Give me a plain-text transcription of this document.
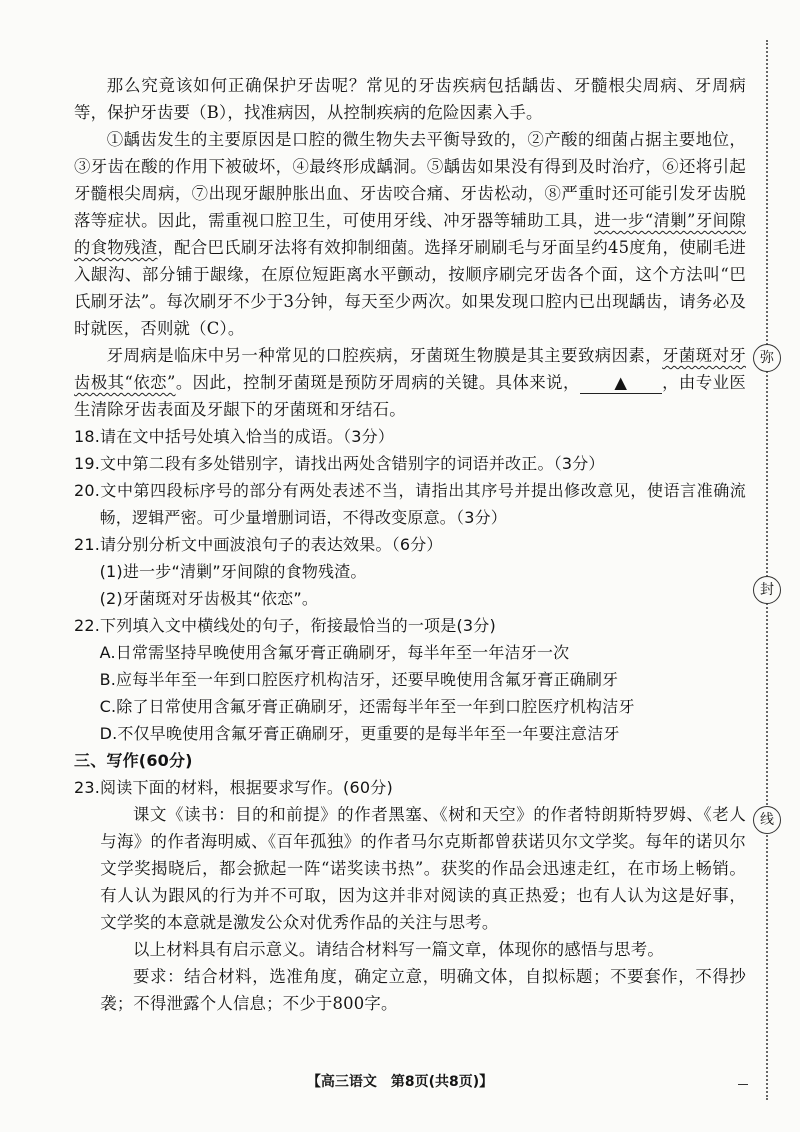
那么究竟该如何正确保护牙齿呢？常见的牙齿疾病包括龋齿、牙髓根尖周病、牙周病等，保护牙齿要（B），找准病因，从控制疾病的危险因素入手。

①龋齿发生的主要原因是口腔的微生物失去平衡导致的，②产酸的细菌占据主要地位，③牙齿在酸的作用下被破坏，④最终形成龋洞。⑤龋齿如果没有得到及时治疗，⑥还将引起牙髓根尖周病，⑦出现牙龈肿胀出血、牙齿咬合痛、牙齿松动，⑧严重时还可能引发牙齿脱落等症状。因此，需重视口腔卫生，可使用牙线、冲牙器等辅助工具，进一步“清剿”牙间隙的食物残渣，配合巴氏刷牙法将有效抑制细菌。选择牙刷刷毛与牙面呈约45度角，使刷毛进入龈沟、部分铺于龈缘，在原位短距离水平颤动，按顺序刷完牙齿各个面，这个方法叫“巴氏刷牙法”。每次刷牙不少于3分钟，每天至少两次。如果发现口腔内已出现龋齿，请务必及时就医，否则就（C）。

牙周病是临床中另一种常见的口腔疾病，牙菌斑生物膜是其主要致病因素，牙菌斑对牙齿极其“依恋”。因此，控制牙菌斑是预防牙周病的关键。具体来说， ▲ ，由专业医生清除牙齿表面及牙龈下的牙菌斑和牙结石。

18.请在文中括号处填入恰当的成语。（3分）

19.文中第二段有多处错别字，请找出两处含错别字的词语并改正。（3分）

20.文中第四段标序号的部分有两处表述不当，请指出其序号并提出修改意见，使语言准确流畅，逻辑严密。可少量增删词语，不得改变原意。（3分）

21.请分别分析文中画波浪句子的表达效果。（6分）

(1)进一步“清剿”牙间隙的食物残渣。

(2)牙菌斑对牙齿极其“依恋”。

22.下列填入文中横线处的句子，衔接最恰当的一项是(3分)

A.日常需坚持早晚使用含氟牙膏正确刷牙，每半年至一年洁牙一次

B.应每半年至一年到口腔医疗机构洁牙，还要早晚使用含氟牙膏正确刷牙

C.除了日常使用含氟牙膏正确刷牙，还需每半年至一年到口腔医疗机构洁牙

D.不仅早晚使用含氟牙膏正确刷牙，更重要的是每半年至一年要注意洁牙

三、写作(60分)

23.阅读下面的材料，根据要求写作。(60分)

课文《读书：目的和前提》的作者黑塞、《树和天空》的作者特朗斯特罗姆、《老人与海》的作者海明威、《百年孤独》的作者马尔克斯都曾获诺贝尔文学奖。每年的诺贝尔文学奖揭晓后，都会掀起一阵“诺奖读书热”。获奖的作品会迅速走红，在市场上畅销。有人认为跟风的行为并不可取，因为这并非对阅读的真正热爱；也有人认为这是好事，文学奖的本意就是激发公众对优秀作品的关注与思考。

以上材料具有启示意义。请结合材料写一篇文章，体现你的感悟与思考。

要求：结合材料，选准角度，确定立意，明确文体，自拟标题；不要套作，不得抄袭；不得泄露个人信息；不少于800字。

弥
封
线
【高三语文　第8页(共8页)】
